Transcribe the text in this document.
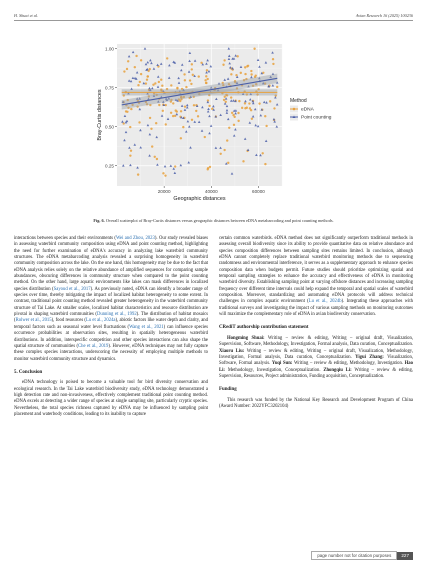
H. Shuai et al.	Avian Research 16 (2025) 100236
20000	40000	60000
0.25
0.50
0.75
1.00
Geographic distances
Bray-Curtis distances	Method
eDNA
Point counting
Fig. 6. Overall scatterplot of Bray-Curtis distances versus geographic distances between eDNA metabarcoding and point counting methods.

interactions between species and their environments (Wei and Zhou, 2023). Our study revealed biases in assessing waterbird community composition using eDNA and point counting method, highlighting the need for further examination of eDNA's accuracy in analyzing lake waterbird community structures. The eDNA metabarcoding analysis revealed a surprising homogeneity in waterbird community composition across the lake. On the one hand, this homogeneity may be due to the fact that eDNA analysis relies solely on the relative abundance of amplified sequences for comparing sample abundances, obscuring differences in community structure when compared to the point counting method. On the other hand, large aquatic environments like lakes can mask differences in localized species distribution (Sayoud et al., 2017). As previously noted, eDNA can identify a broader range of species over time, thereby mitigating the impact of localized habitat heterogeneity to some extent. In contrast, traditional point counting method revealed greater heterogeneity in the waterbird community structure of Tai Lake. At smaller scales, localized habitat characteristics and resource distribution are pivotal in shaping waterbird communities (Dunning et al., 1992). The distribution of habitat mosaics (Rolwer et al., 2015), food resources (Lu et al., 2024a), abiotic factors like water depth and clarity, and temporal factors such as seasonal water level fluctuations (Wang et al., 2021) can influence species occurrence probabilities at observation sites, resulting in spatially heterogeneous waterbird distributions. In addition, interspecific competition and other species interactions can also shape the spatial structure of communities (Che et al., 2019). However, eDNA techniques may not fully capture these complex species interactions, underscoring the necessity of employing multiple methods to monitor waterbird community structure and dynamics.

5. Conclusion

eDNA technology is poised to become a valuable tool for bird diversity conservation and ecological research. In the Tai Lake waterbird biodiversity study, eDNA technology demonstrated a high detection rate and non-invasiveness, effectively complement traditional point counting method. eDNA excels at detecting a wider range of species at single sampling site, particularly cryptic species. Nevertheless, the total species richness captured by eDNA may be influenced by sampling point placement and waterbody conditions, leading to its inability to capture

certain common waterbirds. eDNA method does not significantly outperform traditional methods in assessing overall biodiversity since its ability to provide quantitative data on relative abundance and species composition differences between sampling sites remains limited. In conclusion, although eDNA cannot completely replace traditional waterbird monitoring methods due to sequencing randomness and environmental interference, it serves as a supplementary approach to enhance species composition data when budgets permit. Future studies should prioritize optimizing spatial and temporal sampling strategies to enhance the accuracy and effectiveness of eDNA in monitoring waterbird diversity. Establishing sampling point at varying offshore distances and increasing sampling frequency over different time intervals could help expand the temporal and spatial scales of waterbird composition. Moreover, standardizing and automating eDNA protocols will address technical challenges in complex aquatic environment (Lu et al., 2024b). Integrating these approaches with traditional surveys and investigating the impact of various sampling methods on monitoring outcomes will maximize the complementary role of eDNA in avian biodiversity conservation.

CRediT authorship contribution statement

Hongming Shuai: Writing – review & editing, Writing – original draft, Visualization, Supervision, Software, Methodology, Investigation, Formal analysis, Data curation, Conceptualization. Xiaoru Liu: Writing – review & editing, Writing – original draft, Visualization, Methodology, Investigation, Formal analysis, Data curation, Conceptualization. Yigui Zhang: Visualization, Software, Formal analysis. Yuqi Sun: Writing – review & editing, Methodology, Investigation. Hao Li: Methodology, Investigation, Conceptualization. Zhongqiu Li: Writing – review & editing, Supervision, Resources, Project administration, Funding acquisition, Conceptualization.

Funding

This research was funded by the National Key Research and Development Program of China (Award Number: 2022YFC3202104)

page number not for citation purposes	227
